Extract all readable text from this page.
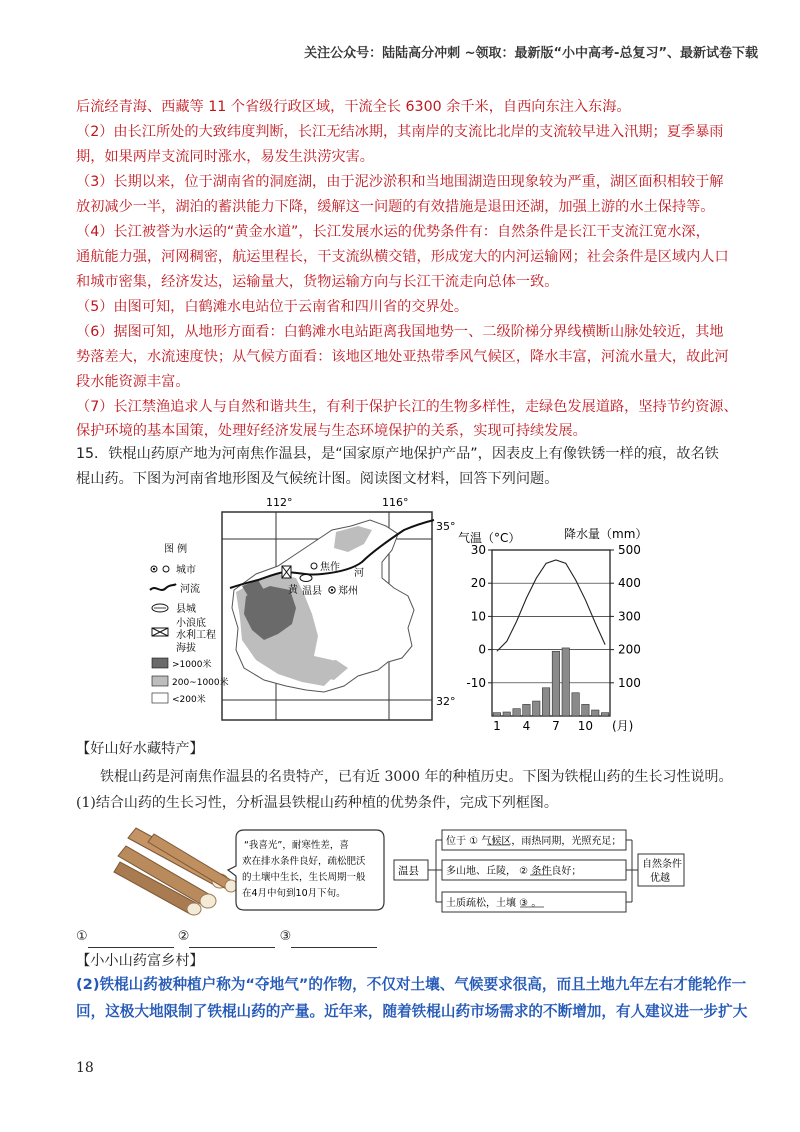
关注公众号：陆陆高分冲刺 ~领取：最新版“小中高考-总复习”、最新试卷下载
后流经青海、西藏等 11 个省级行政区域，干流全长 6300 余千米，自西向东注入东海。
（2）由长江所处的大致纬度判断，长江无结冰期，其南岸的支流比北岸的支流较早进入汛期；夏季暴雨
期，如果两岸支流同时涨水，易发生洪涝灾害。
（3）长期以来，位于湖南省的洞庭湖，由于泥沙淤积和当地围湖造田现象较为严重，湖区面积相较于解
放初减少一半，湖泊的蓄洪能力下降，缓解这一问题的有效措施是退田还湖，加强上游的水土保持等。
（4）长江被誉为水运的“黄金水道”，长江发展水运的优势条件有：自然条件是长江干支流江宽水深，
通航能力强，河网稠密，航运里程长，干支流纵横交错，形成宠大的内河运输网；社会条件是区域内人口
和城市密集，经济发达，运输量大，货物运输方向与长江干流走向总体一致。
（5）由图可知，白鹤滩水电站位于云南省和四川省的交界处。
（6）据图可知，从地形方面看：白鹤滩水电站距离我国地势一、二级阶梯分界线横断山脉处较近，其地
势落差大，水流速度快；从气候方面看：该地区地处亚热带季风气候区，降水丰富，河流水量大，故此河
段水能资源丰富。
（7）长江禁渔追求人与自然和谐共生，有利于保护长江的生物多样性，走绿色发展道路，坚持节约资源、
保护环境的基本国策，处理好经济发展与生态环境保护的关系，实现可持续发展。
15．铁棍山药原产地为河南焦作温县，是“国家原产地保护产品”，因表皮上有像铁锈一样的痕，故名铁
棍山药。下图为河南省地形图及气候统计图。阅读图文材料，回答下列问题。
112°	116°
35°
32°
焦作
黄 温县 郑州
河
图 例
城市
河流
县城
小浪底
水利工程
海拔
>1000米
200~1000米
<200米
气温（°C）	降水量（mm）
30
20
10
0
-10
500
400
300
200
100
1 4 7 10 (月)
【好山好水藏特产】
铁棍山药是河南焦作温县的名贵特产，已有近 3000 年的种植历史。下图为铁棍山药的生长习性说明。
(1)结合山药的生长习性，分析温县铁棍山药种植的优势条件，完成下列框图。
“我喜光”，耐寒性差，喜
欢在排水条件良好，疏松肥沃
的土壤中生长，生长周期一般
在4月中旬到10月下旬。
温县
位于 ① 气候区，雨热同期，光照充足；
多山地、丘陵， ② 条件良好；
土质疏松，土壤 ③ 。
自然条件
优越
①	②	③
【小小山药富乡村】
(2)铁棍山药被种植户称为“夺地气”的作物，不仅对土壤、气候要求很高，而且土地九年左右才能轮作一
回，这极大地限制了铁棍山药的产量。近年来，随着铁棍山药市场需求的不断增加，有人建议进一步扩大
18
